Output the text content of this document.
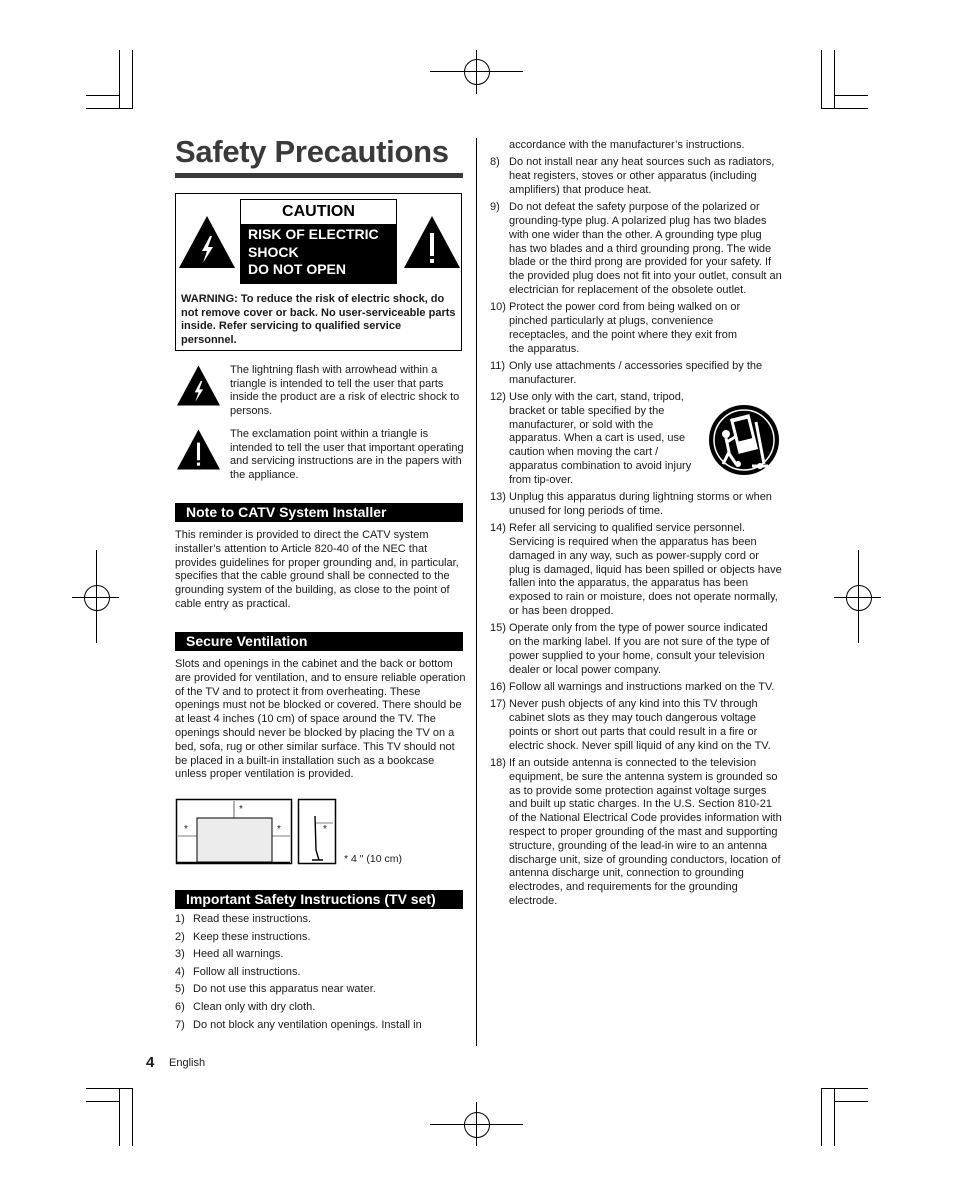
Safety Precautions
CAUTION
RISK OF ELECTRIC
SHOCK
DO NOT OPEN
WARNING: To reduce the risk of electric shock, do not remove cover or back. No user-serviceable parts inside. Refer servicing to qualified service personnel.
The lightning flash with arrowhead within a triangle is intended to tell the user that parts inside the product are a risk of electric shock to persons.
The exclamation point within a triangle is intended to tell the user that important operating and servicing instructions are in the papers with the appliance.
Note to CATV System Installer
This reminder is provided to direct the CATV system installer’s attention to Article 820-40 of the NEC that provides guidelines for proper grounding and, in particular, specifies that the cable ground shall be connected to the grounding system of the building, as close to the point of cable entry as practical.
Secure Ventilation
Slots and openings in the cabinet and the back or bottom are provided for ventilation, and to ensure reliable operation of the TV and to protect it from overheating. These openings must not be blocked or covered. There should be at least 4 inches (10 cm) of space around the TV. The openings should never be blocked by placing the TV on a bed, sofa, rug or other similar surface. This TV should not be placed in a built-in installation such as a bookcase unless proper ventilation is provided.
*
*	*	*
* 4 " (10 cm)
Important Safety Instructions (TV set)
1) Read these instructions.
2) Keep these instructions.
3) Heed all warnings.
4) Follow all instructions.
5) Do not use this apparatus near water.
6) Clean only with dry cloth.
7) Do not block any ventilation openings. Install in
accordance with the manufacturer’s instructions.
8) Do not install near any heat sources such as radiators, heat registers, stoves or other apparatus (including amplifiers) that produce heat.
9) Do not defeat the safety purpose of the polarized or grounding-type plug. A polarized plug has two blades with one wider than the other. A grounding type plug has two blades and a third grounding prong. The wide blade or the third prong are provided for your safety. If the provided plug does not fit into your outlet, consult an electrician for replacement of the obsolete outlet.
10) Protect the power cord from being walked on or pinched particularly at plugs, convenience receptacles, and the point where they exit from the apparatus.
11) Only use attachments / accessories specified by the manufacturer.
12) Use only with the cart, stand, tripod, bracket or table specified by the manufacturer, or sold with the apparatus. When a cart is used, use caution when moving the cart / apparatus combination to avoid injury from tip-over.
13) Unplug this apparatus during lightning storms or when unused for long periods of time.
14) Refer all servicing to qualified service personnel. Servicing is required when the apparatus has been damaged in any way, such as power-supply cord or plug is damaged, liquid has been spilled or objects have fallen into the apparatus, the apparatus has been exposed to rain or moisture, does not operate normally, or has been dropped.
15) Operate only from the type of power source indicated on the marking label. If you are not sure of the type of power supplied to your home, consult your television dealer or local power company.
16) Follow all warnings and instructions marked on the TV.
17) Never push objects of any kind into this TV through cabinet slots as they may touch dangerous voltage points or short out parts that could result in a fire or electric shock. Never spill liquid of any kind on the TV.
18) If an outside antenna is connected to the television equipment, be sure the antenna system is grounded so as to provide some protection against voltage surges and built up static charges. In the U.S. Section 810-21 of the National Electrical Code provides information with respect to proper grounding of the mast and supporting structure, grounding of the lead-in wire to an antenna discharge unit, size of grounding conductors, location of antenna discharge unit, connection to grounding electrodes, and requirements for the grounding electrode.
4 English
